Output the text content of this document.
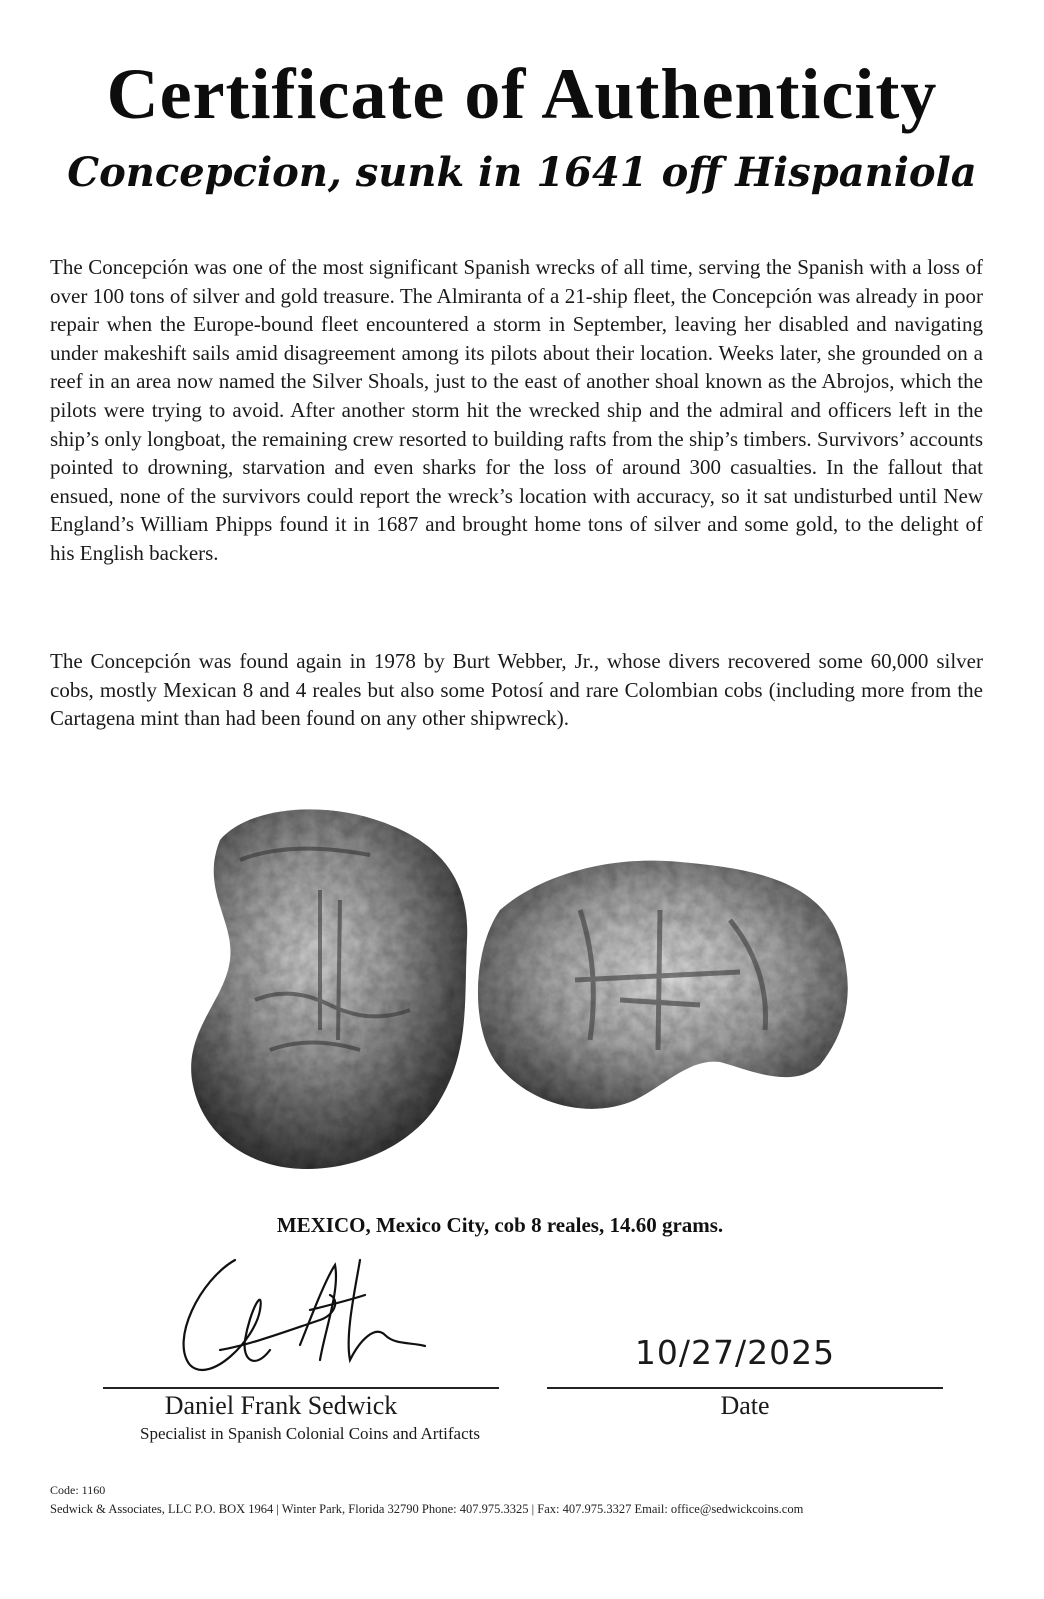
Certificate of Authenticity
Concepcion, sunk in 1641 off Hispaniola

The Concepción was one of the most significant Spanish wrecks of all time, serving the Spanish with a loss of over 100 tons of silver and gold treasure. The Almiranta of a 21-ship fleet, the Concepción was already in poor repair when the Europe-bound fleet encountered a storm in September, leaving her disabled and navigating under makeshift sails amid disagreement among its pilots about their location. Weeks later, she grounded on a reef in an area now named the Silver Shoals, just to the east of another shoal known as the Abrojos, which the pilots were trying to avoid. After another storm hit the wrecked ship and the admiral and officers left in the ship’s only longboat, the remaining crew resorted to building rafts from the ship’s timbers. Survivors’ accounts pointed to drowning, starvation and even sharks for the loss of around 300 casualties. In the fallout that ensued, none of the survivors could report the wreck’s location with accuracy, so it sat undisturbed until New England’s William Phipps found it in 1687 and brought home tons of silver and some gold, to the delight of his English backers.

The Concepción was found again in 1978 by Burt Webber, Jr., whose divers recovered some 60,000 silver cobs, mostly Mexican 8 and 4 reales but also some Potosí and rare Colombian cobs (including more from the Cartagena mint than had been found on any other shipwreck).

MEXICO, Mexico City, cob 8 reales, 14.60 grams.
10/27/2025
Daniel Frank Sedwick
Specialist in Spanish Colonial Coins and Artifacts
Date
Code: 1160
Sedwick & Associates, LLC P.O. BOX 1964 | Winter Park, Florida 32790 Phone: 407.975.3325 | Fax: 407.975.3327 Email: office@sedwickcoins.com
